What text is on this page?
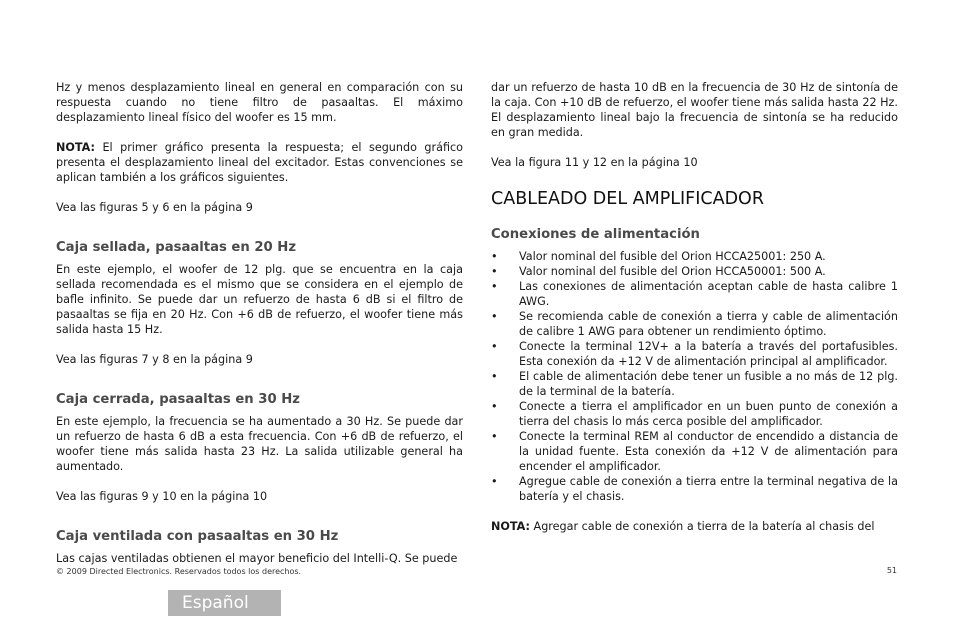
Hz y menos desplazamiento lineal en general en comparación con su respuesta cuando no tiene filtro de pasaaltas. El máximo desplazamiento lineal físico del woofer es 15 mm.

NOTA: El primer gráfico presenta la respuesta; el segundo gráfico presenta el desplazamiento lineal del excitador. Estas convenciones se aplican también a los gráficos siguientes.

Vea las figuras 5 y 6 en la página 9

Caja sellada, pasaaltas en 20 Hz

En este ejemplo, el woofer de 12 plg. que se encuentra en la caja sellada recomendada es el mismo que se considera en el ejemplo de bafle infinito. Se puede dar un refuerzo de hasta 6 dB si el filtro de pasaaltas se fija en 20 Hz. Con +6 dB de refuerzo, el woofer tiene más salida hasta 15 Hz.

Vea las figuras 7 y 8 en la página 9

Caja cerrada, pasaaltas en 30 Hz

En este ejemplo, la frecuencia se ha aumentado a 30 Hz. Se puede dar un refuerzo de hasta 6 dB a esta frecuencia. Con +6 dB de refuerzo, el woofer tiene más salida hasta 23 Hz. La salida utilizable general ha aumentado.

Vea las figuras 9 y 10 en la página 10

Caja ventilada con pasaaltas en 30 Hz

Las cajas ventiladas obtienen el mayor beneficio del Intelli-Q. Se puede

dar un refuerzo de hasta 10 dB en la frecuencia de 30 Hz de sintonía de la caja. Con +10 dB de refuerzo, el woofer tiene más salida hasta 22 Hz. El desplazamiento lineal bajo la frecuencia de sintonía se ha reducido en gran medida.

Vea la figura 11 y 12 en la página 10

CABLEADO DEL AMPLIFICADOR
Conexiones de alimentación
• Valor nominal del fusible del Orion HCCA25001: 250 A.
• Valor nominal del fusible del Orion HCCA50001: 500 A.
• Las conexiones de alimentación aceptan cable de hasta calibre 1 AWG.
• Se recomienda cable de conexión a tierra y cable de alimentación de calibre 1 AWG para obtener un rendimiento óptimo.
• Conecte la terminal 12V+ a la batería a través del portafusibles. Esta conexión da +12 V de alimentación principal al amplificador.
• El cable de alimentación debe tener un fusible a no más de 12 plg. de la terminal de la batería.
• Conecte a tierra el amplificador en un buen punto de conexión a tierra del chasis lo más cerca posible del amplificador.
• Conecte la terminal REM al conductor de encendido a distancia de la unidad fuente. Esta conexión da +12 V de alimentación para encender el amplificador.
• Agregue cable de conexión a tierra entre la terminal negativa de la batería y el chasis.

NOTA: Agregar cable de conexión a tierra de la batería al chasis del

© 2009 Directed Electronics. Reservados todos los derechos.	51
Español
